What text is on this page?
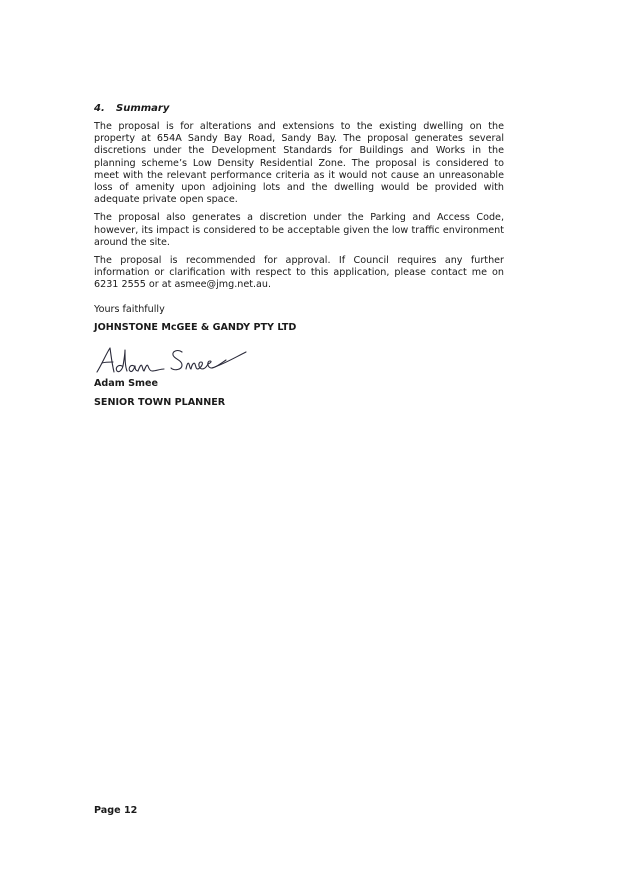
4.	Summary

The proposal is for alterations and extensions to the existing dwelling on the property at 654A Sandy Bay Road, Sandy Bay. The proposal generates several discretions under the Development Standards for Buildings and Works in the planning scheme’s Low Density Residential Zone. The proposal is considered to meet with the relevant performance criteria as it would not cause an unreasonable loss of amenity upon adjoining lots and the dwelling would be provided with adequate private open space.

The proposal also generates a discretion under the Parking and Access Code, however, its impact is considered to be acceptable given the low traffic environment around the site.

The proposal is recommended for approval. If Council requires any further information or clarification with respect to this application, please contact me on 6231 2555 or at asmee@jmg.net.au.

Yours faithfully

JOHNSTONE McGEE & GANDY PTY LTD

Adam Smee

SENIOR TOWN PLANNER

Page 12
